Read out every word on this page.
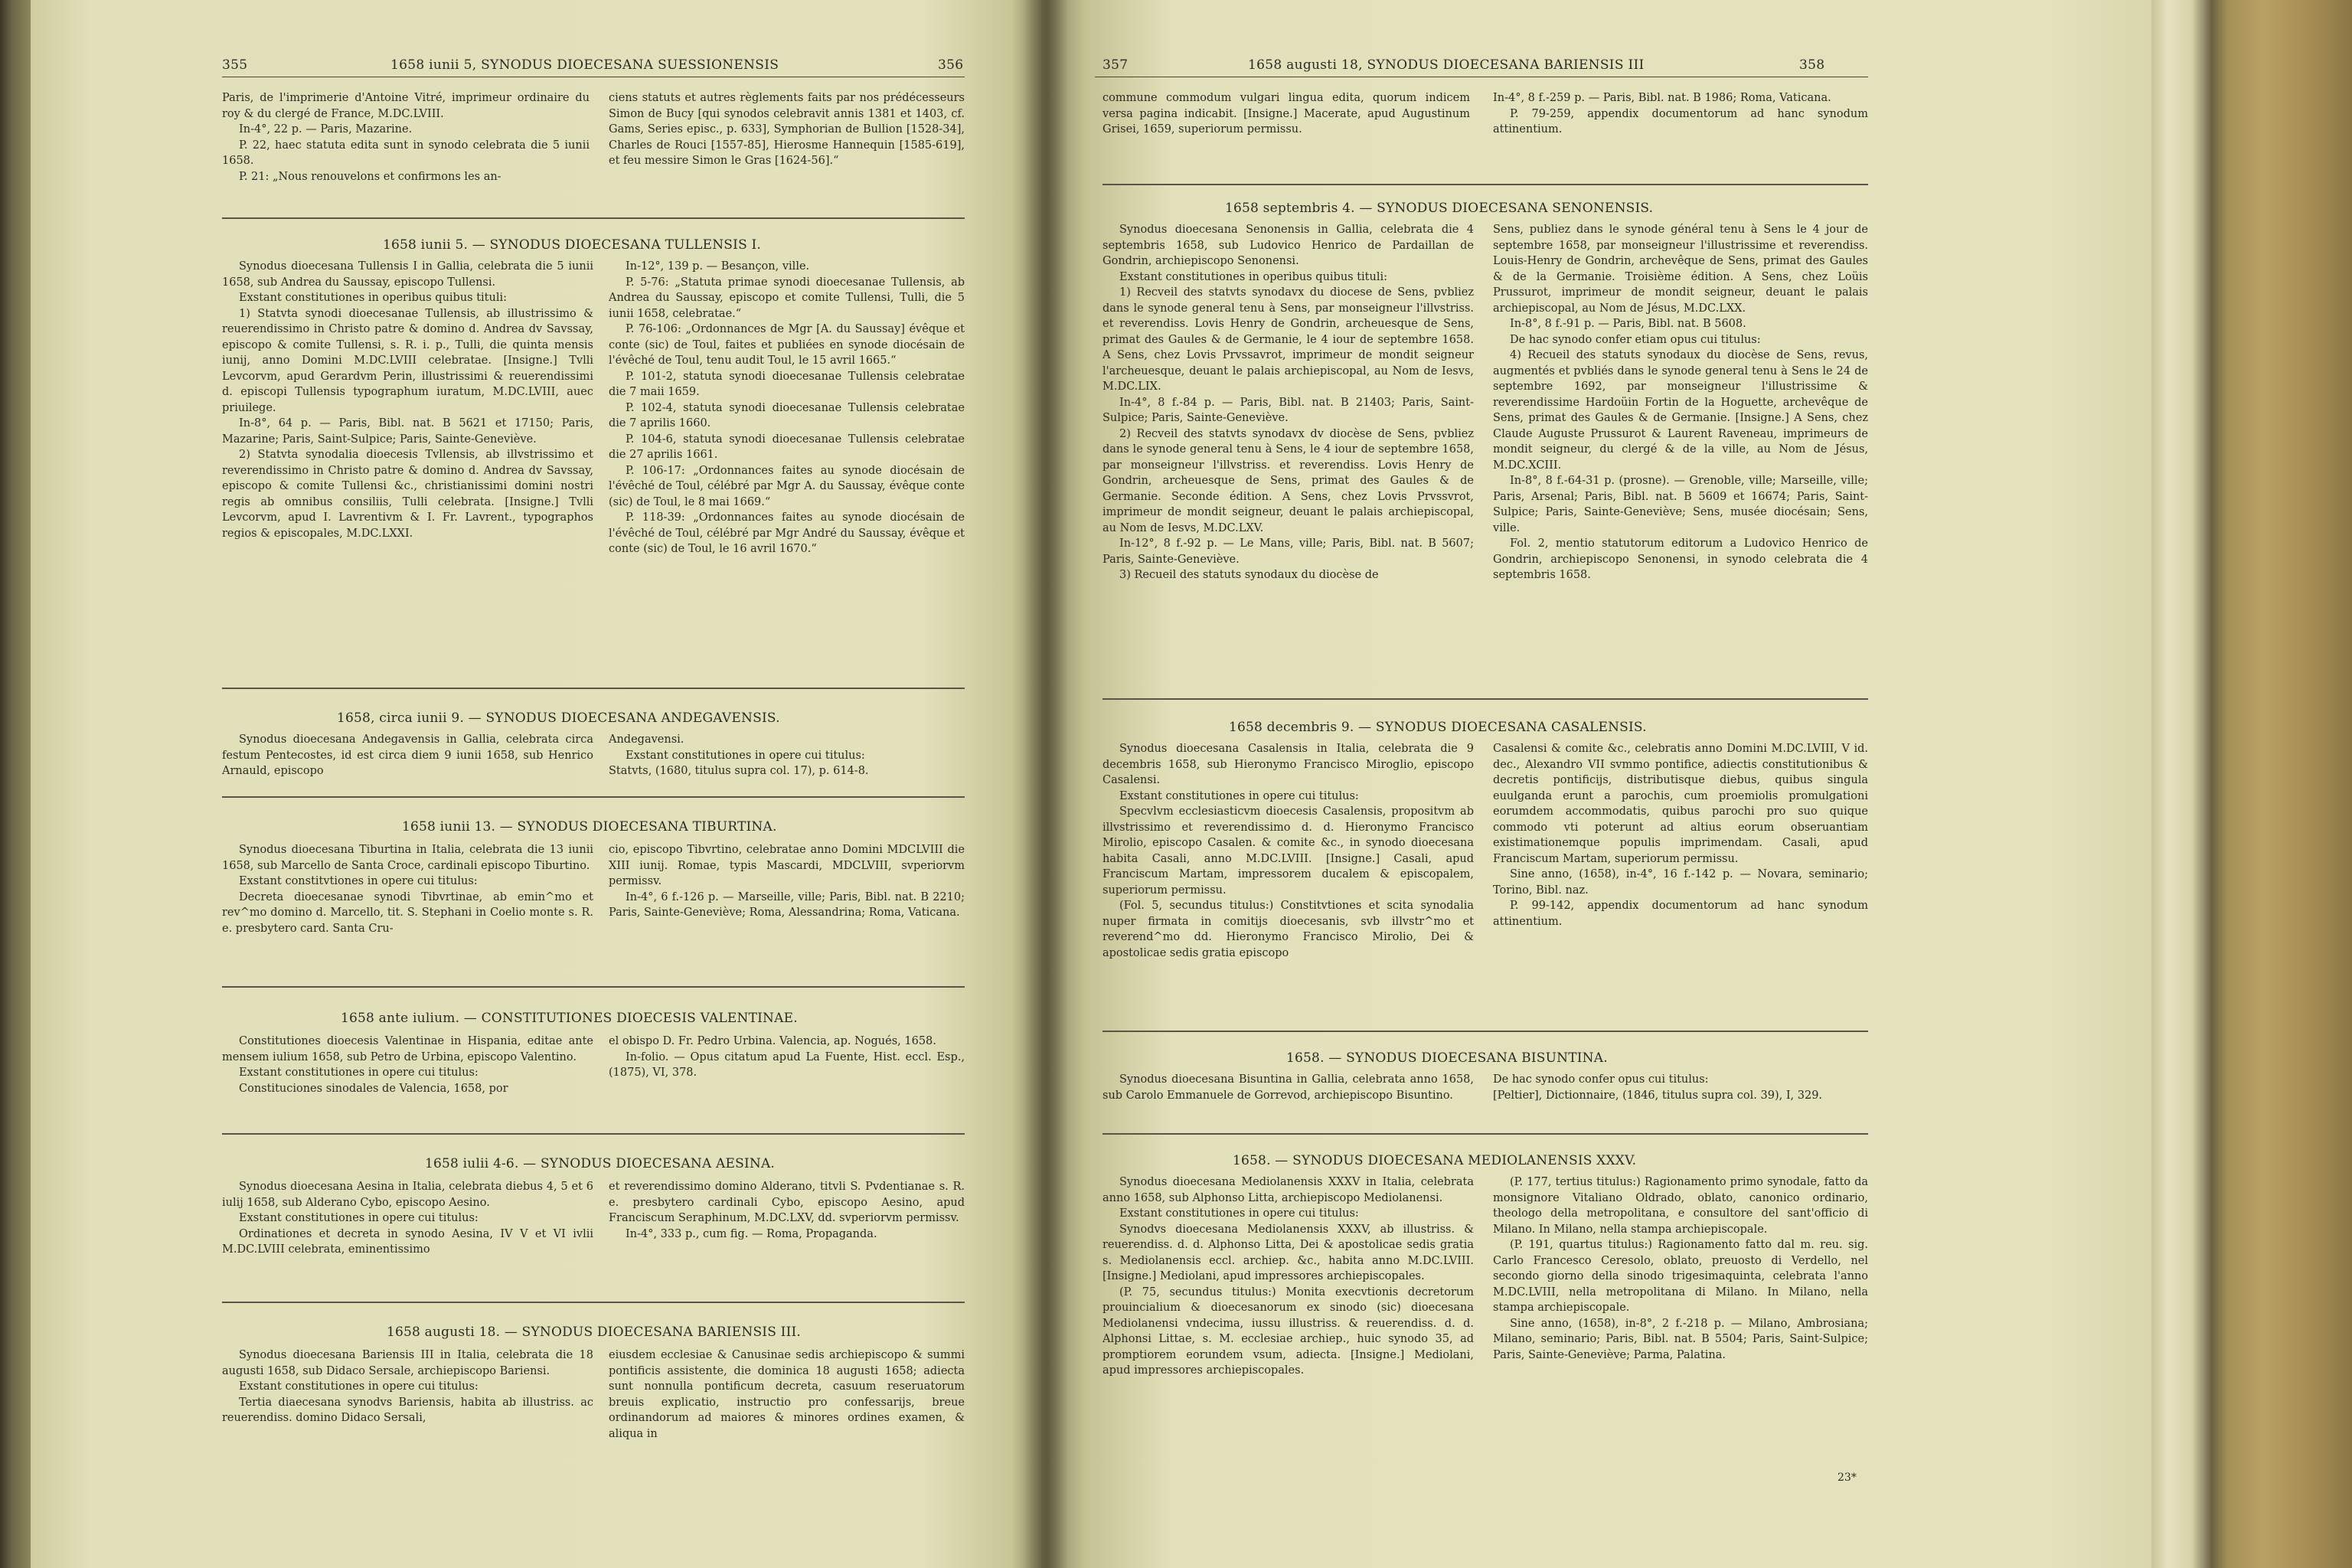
355	1658 iunii 5, SYNODUS DIOECESANA SUESSIONENSIS	356

Paris, de l'imprimerie d'Antoine Vitré, imprimeur ordinaire du roy & du clergé de France, M.DC.LVIII.

In-4°, 22 p. — Paris, Mazarine.

P. 22, haec statuta edita sunt in synodo celebrata die 5 iunii 1658.

P. 21: „Nous renouvelons et confirmons les an-

ciens statuts et autres règlements faits par nos prédécesseurs Simon de Bucy [qui synodos celebravit annis 1381 et 1403, cf. Gams, Series episc., p. 633], Symphorian de Bullion [1528-34], Charles de Rouci [1557-85], Hierosme Hannequin [1585-619], et feu messire Simon le Gras [1624-56].“

1658 iunii 5. — SYNODUS DIOECESANA TULLENSIS I.

Synodus dioecesana Tullensis I in Gallia, celebrata die 5 iunii 1658, sub Andrea du Saussay, episcopo Tullensi.

Exstant constitutiones in operibus quibus tituli:

1) Statvta synodi dioecesanae Tullensis, ab illustrissimo & reuerendissimo in Christo patre & domino d. Andrea dv Savssay, episcopo & comite Tullensi, s. R. i. p., Tulli, die quinta mensis iunij, anno Domini M.DC.LVIII celebratae. [Insigne.] Tvlli Levcorvm, apud Gerardvm Perin, illustrissimi & reuerendissimi d. episcopi Tullensis typographum iuratum, M.DC.LVIII, auec priuilege.

In-8°, 64 p. — Paris, Bibl. nat. B 5621 et 17150; Paris, Mazarine; Paris, Saint-Sulpice; Paris, Sainte-Geneviève.

2) Statvta synodalia dioecesis Tvllensis, ab illvstrissimo et reverendissimo in Christo patre & domino d. Andrea dv Savssay, episcopo & comite Tullensi &c., christianissimi domini nostri regis ab omnibus consiliis, Tulli celebrata. [Insigne.] Tvlli Levcorvm, apud I. Lavrentivm & I. Fr. Lavrent., typographos regios & episcopales, M.DC.LXXI.

In-12°, 139 p. — Besançon, ville.

P. 5-76: „Statuta primae synodi dioecesanae Tullensis, ab Andrea du Saussay, episcopo et comite Tullensi, Tulli, die 5 iunii 1658, celebratae.“

P. 76-106: „Ordonnances de Mgr [A. du Saussay] évêque et conte (sic) de Toul, faites et publiées en synode diocésain de l'évêché de Toul, tenu audit Toul, le 15 avril 1665.“

P. 101-2, statuta synodi dioecesanae Tullensis celebratae die 7 maii 1659.

P. 102-4, statuta synodi dioecesanae Tullensis celebratae die 7 aprilis 1660.

P. 104-6, statuta synodi dioecesanae Tullensis celebratae die 27 aprilis 1661.

P. 106-17: „Ordonnances faites au synode diocésain de l'évêché de Toul, célébré par Mgr A. du Saussay, évêque conte (sic) de Toul, le 8 mai 1669.“

P. 118-39: „Ordonnances faites au synode diocésain de l'évêché de Toul, célébré par Mgr André du Saussay, évêque et conte (sic) de Toul, le 16 avril 1670.“

1658, circa iunii 9. — SYNODUS DIOECESANA ANDEGAVENSIS.

Synodus dioecesana Andegavensis in Gallia, celebrata circa festum Pentecostes, id est circa diem 9 iunii 1658, sub Henrico Arnauld, episcopo

Andegavensi.

Exstant constitutiones in opere cui titulus:

Statvts, (1680, titulus supra col. 17), p. 614-8.

1658 iunii 13. — SYNODUS DIOECESANA TIBURTINA.

Synodus dioecesana Tiburtina in Italia, celebrata die 13 iunii 1658, sub Marcello de Santa Croce, cardinali episcopo Tiburtino.

Exstant constitvtiones in opere cui titulus:

Decreta dioecesanae synodi Tibvrtinae, ab emin^mo et rev^mo domino d. Marcello, tit. S. Stephani in Coelio monte s. R. e. presbytero card. Santa Cru-

cio, episcopo Tibvrtino, celebratae anno Domini MDCLVIII die XIII iunij. Romae, typis Mascardi, MDCLVIII, svperiorvm permissv.

In-4°, 6 f.-126 p. — Marseille, ville; Paris, Bibl. nat. B 2210; Paris, Sainte-Geneviève; Roma, Alessandrina; Roma, Vaticana.

1658 ante iulium. — CONSTITUTIONES DIOECESIS VALENTINAE.

Constitutiones dioecesis Valentinae in Hispania, editae ante mensem iulium 1658, sub Petro de Urbina, episcopo Valentino.

Exstant constitutiones in opere cui titulus:

Constituciones sinodales de Valencia, 1658, por

el obispo D. Fr. Pedro Urbina. Valencia, ap. Nogués, 1658.

In-folio. — Opus citatum apud La Fuente, Hist. eccl. Esp., (1875), VI, 378.

1658 iulii 4-6. — SYNODUS DIOECESANA AESINA.

Synodus dioecesana Aesina in Italia, celebrata diebus 4, 5 et 6 iulij 1658, sub Alderano Cybo, episcopo Aesino.

Exstant constitutiones in opere cui titulus:

Ordinationes et decreta in synodo Aesina, IV V et VI ivlii M.DC.LVIII celebrata, eminentissimo

et reverendissimo domino Alderano, titvli S. Pvdentianae s. R. e. presbytero cardinali Cybo, episcopo Aesino, apud Franciscum Seraphinum, M.DC.LXV, dd. svperiorvm permissv.

In-4°, 333 p., cum fig. — Roma, Propaganda.

1658 augusti 18. — SYNODUS DIOECESANA BARIENSIS III.

Synodus dioecesana Bariensis III in Italia, celebrata die 18 augusti 1658, sub Didaco Sersale, archiepiscopo Bariensi.

Exstant constitutiones in opere cui titulus:

Tertia diaecesana synodvs Bariensis, habita ab illustriss. ac reuerendiss. domino Didaco Sersali,

eiusdem ecclesiae & Canusinae sedis archiepiscopo & summi pontificis assistente, die dominica 18 augusti 1658; adiecta sunt nonnulla pontificum decreta, casuum reseruatorum breuis explicatio, instructio pro confessarijs, breue ordinandorum ad maiores & minores ordines examen, & aliqua in

357	1658 augusti 18, SYNODUS DIOECESANA BARIENSIS III	358

commune commodum vulgari lingua edita, quorum indicem versa pagina indicabit. [Insigne.] Macerate, apud Augustinum Grisei, 1659, superiorum permissu.

In-4°, 8 f.-259 p. — Paris, Bibl. nat. B 1986; Roma, Vaticana.

P. 79-259, appendix documentorum ad hanc synodum attinentium.

1658 septembris 4. — SYNODUS DIOECESANA SENONENSIS.

Synodus dioecesana Senonensis in Gallia, celebrata die 4 septembris 1658, sub Ludovico Henrico de Pardaillan de Gondrin, archiepiscopo Senonensi.

Exstant constitutiones in operibus quibus tituli:

1) Recveil des statvts synodavx du diocese de Sens, pvbliez dans le synode general tenu à Sens, par monseigneur l'illvstriss. et reverendiss. Lovis Henry de Gondrin, archeuesque de Sens, primat des Gaules & de Germanie, le 4 iour de septembre 1658. A Sens, chez Lovis Prvssavrot, imprimeur de mondit seigneur l'archeuesque, deuant le palais archiepiscopal, au Nom de Iesvs, M.DC.LIX.

In-4°, 8 f.-84 p. — Paris, Bibl. nat. B 21403; Paris, Saint-Sulpice; Paris, Sainte-Geneviève.

2) Recveil des statvts synodavx dv diocèse de Sens, pvbliez dans le synode general tenu à Sens, le 4 iour de septembre 1658, par monseigneur l'illvstriss. et reverendiss. Lovis Henry de Gondrin, archeuesque de Sens, primat des Gaules & de Germanie. Seconde édition. A Sens, chez Lovis Prvssvrot, imprimeur de mondit seigneur, deuant le palais archiepiscopal, au Nom de Iesvs, M.DC.LXV.

In-12°, 8 f.-92 p. — Le Mans, ville; Paris, Bibl. nat. B 5607; Paris, Sainte-Geneviève.

3) Recueil des statuts synodaux du diocèse de

Sens, publiez dans le synode général tenu à Sens le 4 jour de septembre 1658, par monseigneur l'illustrissime et reverendiss. Louis-Henry de Gondrin, archevêque de Sens, primat des Gaules & de la Germanie. Troisième édition. A Sens, chez Loüis Prussurot, imprimeur de mondit seigneur, deuant le palais archiepiscopal, au Nom de Jésus, M.DC.LXX.

In-8°, 8 f.-91 p. — Paris, Bibl. nat. B 5608.

De hac synodo confer etiam opus cui titulus:

4) Recueil des statuts synodaux du diocèse de Sens, revus, augmentés et pvbliés dans le synode general tenu à Sens le 24 de septembre 1692, par monseigneur l'illustrissime & reverendissime Hardoüin Fortin de la Hoguette, archevêque de Sens, primat des Gaules & de Germanie. [Insigne.] A Sens, chez Claude Auguste Prussurot & Laurent Raveneau, imprimeurs de mondit seigneur, du clergé & de la ville, au Nom de Jésus, M.DC.XCIII.

In-8°, 8 f.-64-31 p. (prosne). — Grenoble, ville; Marseille, ville; Paris, Arsenal; Paris, Bibl. nat. B 5609 et 16674; Paris, Saint-Sulpice; Paris, Sainte-Geneviève; Sens, musée diocésain; Sens, ville.

Fol. 2, mentio statutorum editorum a Ludovico Henrico de Gondrin, archiepiscopo Senonensi, in synodo celebrata die 4 septembris 1658.

1658 decembris 9. — SYNODUS DIOECESANA CASALENSIS.

Synodus dioecesana Casalensis in Italia, celebrata die 9 decembris 1658, sub Hieronymo Francisco Miroglio, episcopo Casalensi.

Exstant constitutiones in opere cui titulus:

Specvlvm ecclesiasticvm dioecesis Casalensis, propositvm ab illvstrissimo et reverendissimo d. d. Hieronymo Francisco Mirolio, episcopo Casalen. & comite &c., in synodo dioecesana habita Casali, anno M.DC.LVIII. [Insigne.] Casali, apud Franciscum Martam, impressorem ducalem & episcopalem, superiorum permissu.

(Fol. 5, secundus titulus:) Constitvtiones et scita synodalia nuper firmata in comitijs dioecesanis, svb illvstr^mo et reverend^mo dd. Hieronymo Francisco Mirolio, Dei & apostolicae sedis gratia episcopo

Casalensi & comite &c., celebratis anno Domini M.DC.LVIII, V id. dec., Alexandro VII svmmo pontifice, adiectis constitutionibus & decretis pontificijs, distributisque diebus, quibus singula euulganda erunt a parochis, cum proemiolis promulgationi eorumdem accommodatis, quibus parochi pro suo quique commodo vti poterunt ad altius eorum obseruantiam existimationemque populis imprimendam. Casali, apud Franciscum Martam, superiorum permissu.

Sine anno, (1658), in-4°, 16 f.-142 p. — Novara, seminario; Torino, Bibl. naz.

P. 99-142, appendix documentorum ad hanc synodum attinentium.

1658. — SYNODUS DIOECESANA BISUNTINA.

Synodus dioecesana Bisuntina in Gallia, celebrata anno 1658, sub Carolo Emmanuele de Gorrevod, archiepiscopo Bisuntino.

De hac synodo confer opus cui titulus:

[Peltier], Dictionnaire, (1846, titulus supra col. 39), I, 329.

1658. — SYNODUS DIOECESANA MEDIOLANENSIS XXXV.

Synodus dioecesana Mediolanensis XXXV in Italia, celebrata anno 1658, sub Alphonso Litta, archiepiscopo Mediolanensi.

Exstant constitutiones in opere cui titulus:

Synodvs dioecesana Mediolanensis XXXV, ab illustriss. & reuerendiss. d. d. Alphonso Litta, Dei & apostolicae sedis gratia s. Mediolanensis eccl. archiep. &c., habita anno M.DC.LVIII. [Insigne.] Mediolani, apud impressores archiepiscopales.

(P. 75, secundus titulus:) Monita execvtionis decretorum prouincialium & dioecesanorum ex sinodo (sic) dioecesana Mediolanensi vndecima, iussu illustriss. & reuerendiss. d. d. Alphonsi Littae, s. M. ecclesiae archiep., huic synodo 35, ad promptiorem eorundem vsum, adiecta. [Insigne.] Mediolani, apud impressores archiepiscopales.

(P. 177, tertius titulus:) Ragionamento primo synodale, fatto da monsignore Vitaliano Oldrado, oblato, canonico ordinario, theologo della metropolitana, e consultore del sant'officio di Milano. In Milano, nella stampa archiepiscopale.

(P. 191, quartus titulus:) Ragionamento fatto dal m. reu. sig. Carlo Francesco Ceresolo, oblato, preuosto di Verdello, nel secondo giorno della sinodo trigesimaquinta, celebrata l'anno M.DC.LVIII, nella metropolitana di Milano. In Milano, nella stampa archiepiscopale.

Sine anno, (1658), in-8°, 2 f.-218 p. — Milano, Ambrosiana; Milano, seminario; Paris, Bibl. nat. B 5504; Paris, Saint-Sulpice; Paris, Sainte-Geneviève; Parma, Palatina.

23*
